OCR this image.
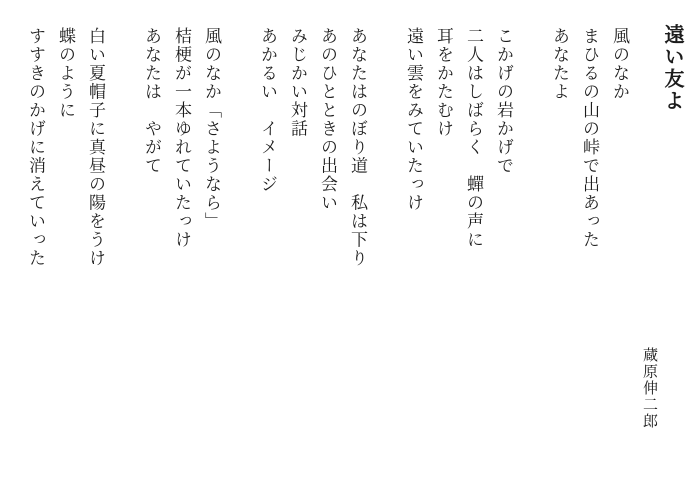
遠い友よ
蔵原伸二郎

風のなか

まひるの山の峠で出あった

あなたよ

こかげの岩かげで

二人はしばらく　蟬の声に

耳をかたむけ

遠い雲をみていたっけ

あなたはのぼり道　私は下り

あのひとときの出会い

みじかい対話

あかるい　イメージ

風のなか「さようなら」

桔梗が一本ゆれていたっけ

あなたは　やがて

白い夏帽子に真昼の陽をうけ

蝶のように

すすきのかげに消えていった
